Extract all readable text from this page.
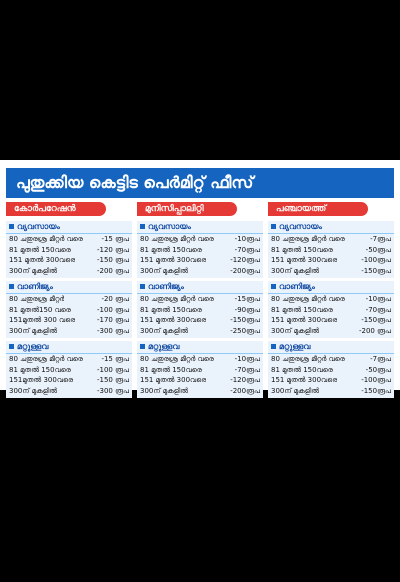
പുതുക്കിയ കെട്ടിട പെർമിറ്റ് ഫീസ്
കോർപറേഷൻ
വ്യവസായം
80 ചതുരശ്ര മീറ്റർ വരെ	-15 രൂപ
81 മുതൽ 150വരെ	-120 രൂപ
151 മുതൽ 300വരെ	-150 രൂപ
300ന് മുകളിൽ	-200 രൂപ
വാണിജ്യം
80 ചതുരശ്ര മീറ്റർ	-20 രൂപ
81 മുതൽ150 വരെ	-100 രൂപ
151മുതൽ 300 വരെ	-170 രൂപ
300ന് മുകളിൽ	-300 രൂപ
മറ്റുള്ളവ
80 ചതുരശ്ര മീറ്റർ വരെ	-15 രൂപ
81 മുതൽ 150വരെ	-100 രൂപ
151മുതൽ 300വരെ	-150 രൂപ
300ന് മുകളിൽ	-300 രൂപ
മുനിസിപ്പാലിറ്റി
വ്യവസായം
80 ചതുരശ്ര മീറ്റർ വരെ	-10രൂപ
81 മുതൽ 150വരെ	-70രൂപ
151 മുതൽ 300വരെ	-120രൂപ
300ന് മുകളിൽ	-200രൂപ
വാണിജ്യം
80 ചതുരശ്ര മീറ്റർ വരെ	-15രൂപ
81 മുതൽ 150വരെ	-90രൂപ
151 മുതൽ 300വരെ	-150രൂപ
300ന് മുകളിൽ	-250രൂപ
മറ്റുള്ളവ
80 ചതുരശ്ര മീറ്റർ വരെ	-10രൂപ
81 മുതൽ 150വരെ	-70രൂപ
151 മുതൽ 300വരെ	-120രൂപ
300ന് മുകളിൽ	-200രൂപ
പഞ്ചായത്ത്
വ്യവസായം
80 ചതുരശ്ര മീറ്റർ വരെ	-7രൂപ
81 മുതൽ 150വരെ	-50രൂപ
151 മുതൽ 300വരെ	-100രൂപ
300ന് മുകളിൽ	-150രൂപ
വാണിജ്യം
80 ചതുരശ്ര മീറ്റർ വരെ	-10രൂപ
81 മുതൽ 150വരെ	-70രൂപ
151 മുതൽ 300വരെ	-150രൂപ
300ന് മുകളിൽ	-200 രൂപ
മറ്റുള്ളവ
80 ചതുരശ്ര മീറ്റർ വരെ	-7രൂപ
81 മുതൽ 150വരെ	-50രൂപ
151 മുതൽ 300വരെ	-100രൂപ
300ന് മുകളിൽ	-150രൂപ
